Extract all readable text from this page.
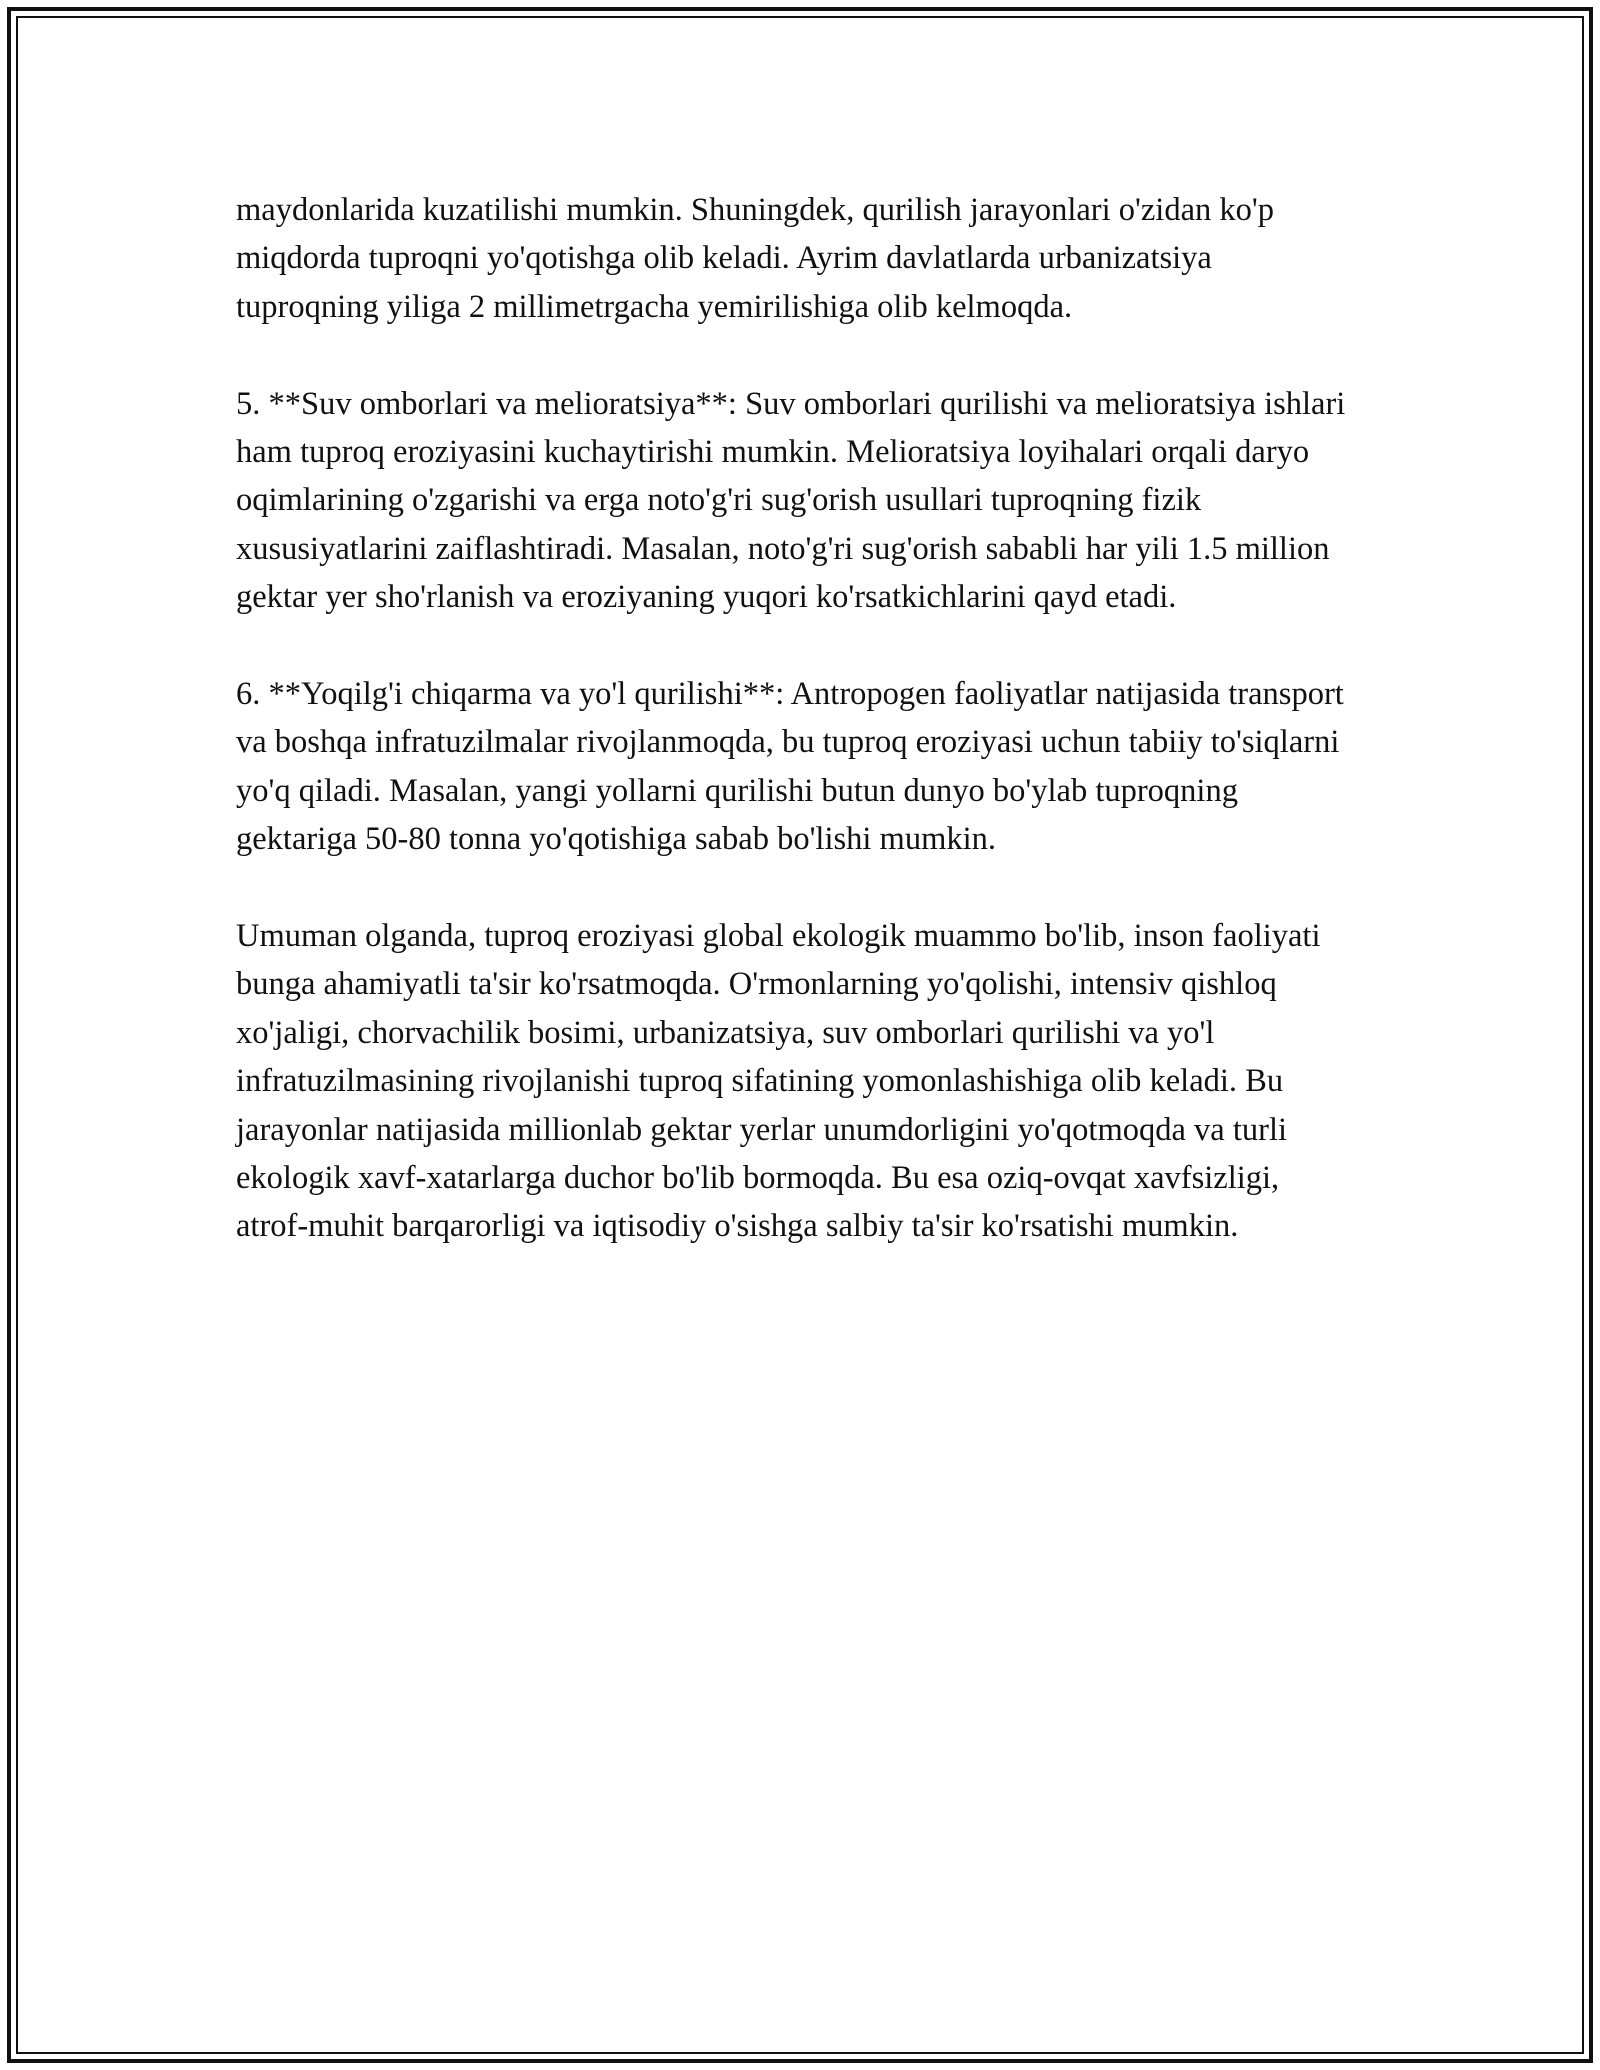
maydonlarida kuzatilishi mumkin. Shuningdek, qurilish jarayonlari o'zidan ko'p miqdorda tuproqni yo'qotishga olib keladi. Ayrim davlatlarda urbanizatsiya tuproqning yiliga 2 millimetrgacha yemirilishiga olib kelmoqda.

5. **Suv omborlari va melioratsiya**: Suv omborlari qurilishi va melioratsiya ishlari ham tuproq eroziyasini kuchaytirishi mumkin. Melioratsiya loyihalari orqali daryo oqimlarining o'zgarishi va erga noto'g'ri sug'orish usullari tuproqning fizik xususiyatlarini zaiflashtiradi. Masalan, noto'g'ri sug'orish sababli har yili 1.5 million gektar yer sho'rlanish va eroziyaning yuqori ko'rsatkichlarini qayd etadi.

6. **Yoqilg'i chiqarma va yo'l qurilishi**: Antropogen faoliyatlar natijasida transport va boshqa infratuzilmalar rivojlanmoqda, bu tuproq eroziyasi uchun tabiiy to'siqlarni yo'q qiladi. Masalan, yangi yollarni qurilishi butun dunyo bo'ylab tuproqning gektariga 50-80 tonna yo'qotishiga sabab bo'lishi mumkin.

Umuman olganda, tuproq eroziyasi global ekologik muammo bo'lib, inson faoliyati bunga ahamiyatli ta'sir ko'rsatmoqda. O'rmonlarning yo'qolishi, intensiv qishloq xo'jaligi, chorvachilik bosimi, urbanizatsiya, suv omborlari qurilishi va yo'l infratuzilmasining rivojlanishi tuproq sifatining yomonlashishiga olib keladi. Bu jarayonlar natijasida millionlab gektar yerlar unumdorligini yo'qotmoqda va turli ekologik xavf-xatarlarga duchor bo'lib bormoqda. Bu esa oziq-ovqat xavfsizligi, atrof-muhit barqarorligi va iqtisodiy o'sishga salbiy ta'sir ko'rsatishi mumkin.
